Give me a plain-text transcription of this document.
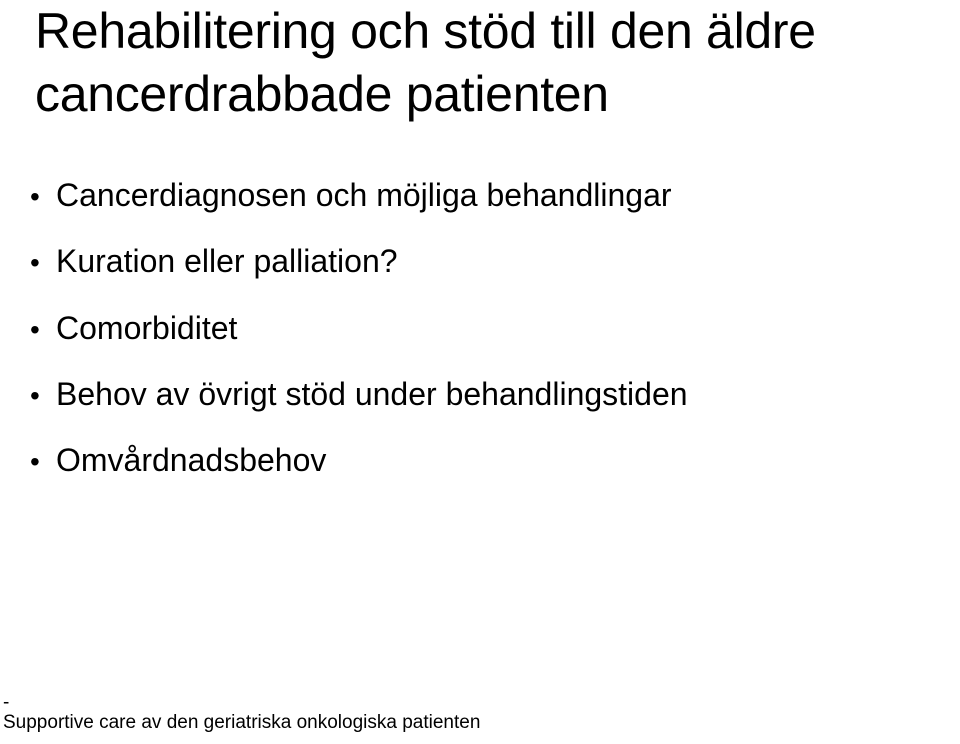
Rehabilitering och stöd till den äldre cancerdrabbade patienten
• Cancerdiagnosen och möjliga behandlingar
• Kuration eller palliation?
• Comorbiditet
• Behov av övrigt stöd under behandlingstiden
• Omvårdnadsbehov
-
Supportive care av den geriatriska onkologiska patienten
